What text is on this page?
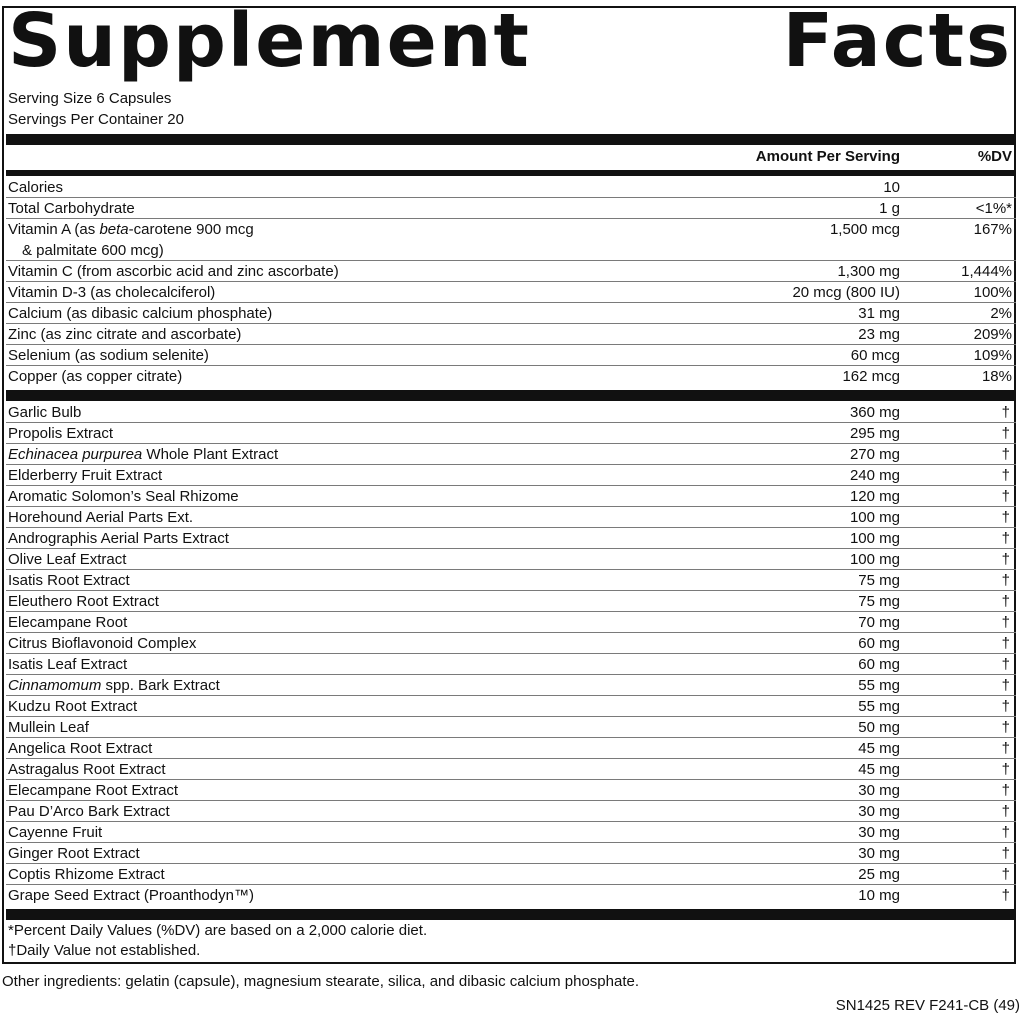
Supplement	Facts
Serving Size 6 Capsules
Servings Per Container 20
Amount Per Serving	%DV
Calories	10
Total Carbohydrate	1 g	<1%*
Vitamin A (as beta-carotene 900 mcg
& palmitate 600 mcg)
1,500 mcg	167%
Vitamin C (from ascorbic acid and zinc ascorbate)	1,300 mg	1,444%
Vitamin D-3 (as cholecalciferol)	20 mcg (800 IU)	100%
Calcium (as dibasic calcium phosphate)	31 mg	2%
Zinc (as zinc citrate and ascorbate)	23 mg	209%
Selenium (as sodium selenite)	60 mcg	109%
Copper (as copper citrate)	162 mcg	18%
Garlic Bulb	360 mg	†
Propolis Extract	295 mg	†
Echinacea purpurea Whole Plant Extract	270 mg	†
Elderberry Fruit Extract	240 mg	†
Aromatic Solomon’s Seal Rhizome	120 mg	†
Horehound Aerial Parts Ext.	100 mg	†
Andrographis Aerial Parts Extract	100 mg	†
Olive Leaf Extract	100 mg	†
Isatis Root Extract	75 mg	†
Eleuthero Root Extract	75 mg	†
Elecampane Root	70 mg	†
Citrus Bioflavonoid Complex	60 mg	†
Isatis Leaf Extract	60 mg	†
Cinnamomum spp. Bark Extract	55 mg	†
Kudzu Root Extract	55 mg	†
Mullein Leaf	50 mg	†
Angelica Root Extract	45 mg	†
Astragalus Root Extract	45 mg	†
Elecampane Root Extract	30 mg	†
Pau D’Arco Bark Extract	30 mg	†
Cayenne Fruit	30 mg	†
Ginger Root Extract	30 mg	†
Coptis Rhizome Extract	25 mg	†
Grape Seed Extract (Proanthodyn™)	10 mg	†
*Percent Daily Values (%DV) are based on a 2,000 calorie diet.
†Daily Value not established.
Other ingredients: gelatin (capsule), magnesium stearate, silica, and dibasic calcium phosphate.
SN1425 REV F241-CB (49)
